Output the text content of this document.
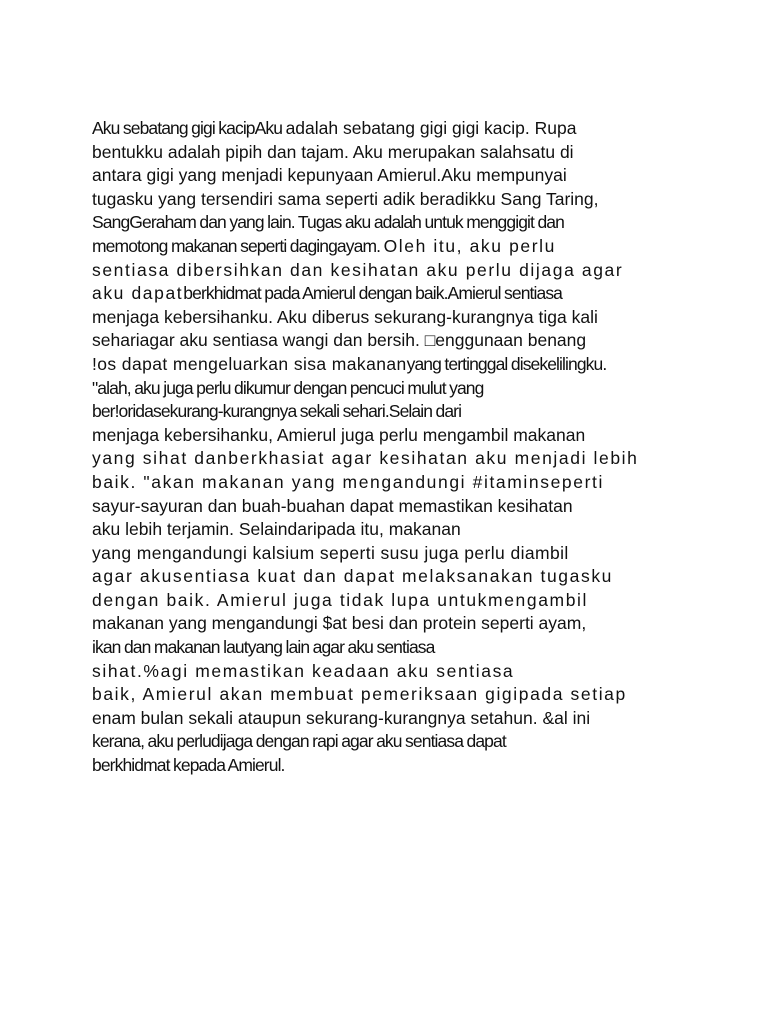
Aku sebatang gigi kacipAku adalah sebatang gigi gigi kacip. Rupa
bentukku adalah pipih dan tajam. Aku merupakan salahsatu di
antara gigi yang menjadi kepunyaan Amierul.Aku mempunyai
tugasku yang tersendiri sama seperti adik beradikku Sang Taring,
SangGeraham dan yang lain. Tugas aku adalah untuk menggigit dan
memotong makanan seperti dagingayam. Oleh itu, aku perlu
sentiasa dibersihkan dan kesihatan aku perlu dijaga agar
aku dapatberkhidmat pada Amierul dengan baik.Amierul sentiasa
menjaga kebersihanku. Aku diberus sekurang-kurangnya tiga kali
sehariagar aku sentiasa wangi dan bersih. □enggunaan benang
!os dapat mengeluarkan sisa makananyang tertinggal disekelilingku.
"alah, aku juga perlu dikumur dengan pencuci mulut yang
ber!oridasekurang-kurangnya sekali sehari.Selain dari
menjaga kebersihanku, Amierul juga perlu mengambil makanan
yang sihat danberkhasiat agar kesihatan aku menjadi lebih
baik. "akan makanan yang mengandungi #itaminseperti
sayur-sayuran dan buah-buahan dapat memastikan kesihatan
aku lebih terjamin. Selaindaripada itu, makanan
yang mengandungi kalsium seperti susu juga perlu diambil
agar akusentiasa kuat dan dapat melaksanakan tugasku
dengan baik. Amierul juga tidak lupa untukmengambil
makanan yang mengandungi $at besi dan protein seperti ayam,
ikan dan makanan lautyang lain agar aku sentiasa
sihat.%agi memastikan keadaan aku sentiasa
baik, Amierul akan membuat pemeriksaan gigipada setiap
enam bulan sekali ataupun sekurang-kurangnya setahun. &al ini
kerana, aku perludijaga dengan rapi agar aku sentiasa dapat
berkhidmat kepada Amierul.
